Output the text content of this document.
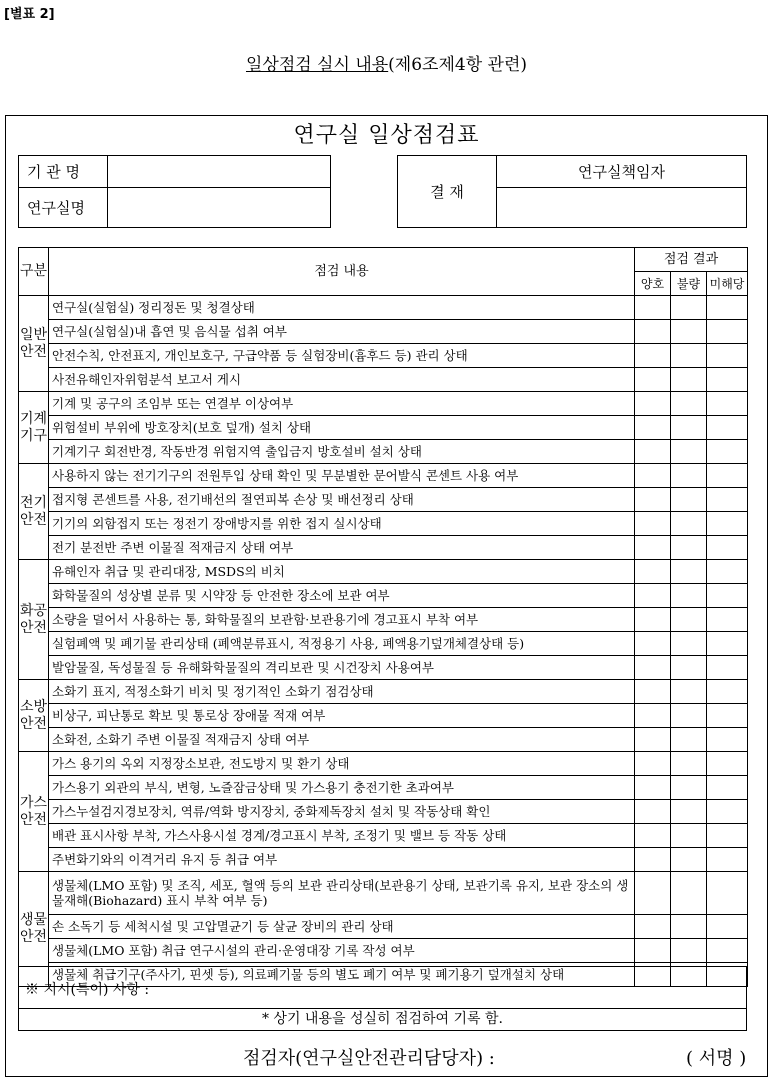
[별표 2]
일상점검 실시 내용(제6조제4항 관련)
연구실 일상점검표
기 관 명	
연구실명	
결 재	연구실책임자

구분	점검 내용	점검 결과		
		양호	불량	미해당
일반안전	연구실(실험실) 정리정돈 및 청결상태			
	연구실(실험실)내 흡연 및 음식물 섭취 여부			
	안전수칙, 안전표지, 개인보호구, 구급약품 등 실험장비(흄후드 등) 관리 상태			
	사전유해인자위험분석 보고서 게시			
기계기구	기계 및 공구의 조임부 또는 연결부 이상여부			
	위험설비 부위에 방호장치(보호 덮개) 설치 상태			
	기계기구 회전반경, 작동반경 위험지역 출입금지 방호설비 설치 상태			
전기안전	사용하지 않는 전기기구의 전원투입 상태 확인 및 무분별한 문어발식 콘센트 사용 여부			
	접지형 콘센트를 사용, 전기배선의 절연피복 손상 및 배선정리 상태			
	기기의 외함접지 또는 정전기 장애방지를 위한 접지 실시상태			
	전기 분전반 주변 이물질 적재금지 상태 여부			
화공안전	유해인자 취급 및 관리대장, MSDS의 비치			
	화학물질의 성상별 분류 및 시약장 등 안전한 장소에 보관 여부			
	소량을 덜어서 사용하는 통, 화학물질의 보관함·보관용기에 경고표시 부착 여부			
	실험폐액 및 폐기물 관리상태 (폐액분류표시, 적정용기 사용, 폐액용기덮개체결상태 등)			
	발암물질, 독성물질 등 유해화학물질의 격리보관 및 시건장치 사용여부			
소방안전	소화기 표지, 적정소화기 비치 및 정기적인 소화기 점검상태			
	비상구, 피난통로 확보 및 통로상 장애물 적재 여부			
	소화전, 소화기 주변 이물질 적재금지 상태 여부			
가스안전	가스 용기의 옥외 지정장소보관, 전도방지 및 환기 상태			
	가스용기 외관의 부식, 변형, 노즐잠금상태 및 가스용기 충전기한 초과여부			
	가스누설검지경보장치, 역류/역화 방지장치, 중화제독장치 설치 및 작동상태 확인			
	배관 표시사항 부착, 가스사용시설 경계/경고표시 부착, 조정기 및 밸브 등 작동 상태			
	주변화기와의 이격거리 유지 등 취급 여부			
생물안전	생물체(LMO 포함) 및 조직, 세포, 혈액 등의 보관 관리상태(보관용기 상태, 보관기록 유지, 보관 장소의 생물재해(Biohazard) 표시 부착 여부 등)			
	손 소독기 등 세척시설 및 고압멸균기 등 살균 장비의 관리 상태			
	생물체(LMO 포함) 취급 연구시설의 관리·운영대장 기록 작성 여부			
	생물체 취급기구(주사기, 핀셋 등), 의료폐기물 등의 별도 폐기 여부 및 폐기용기 덮개설치 상태			
※ 지시(특이) 사항 :
* 상기 내용을 성실히 점검하여 기록 함.
점검자(연구실안전관리담당자) :	( 서명 )
